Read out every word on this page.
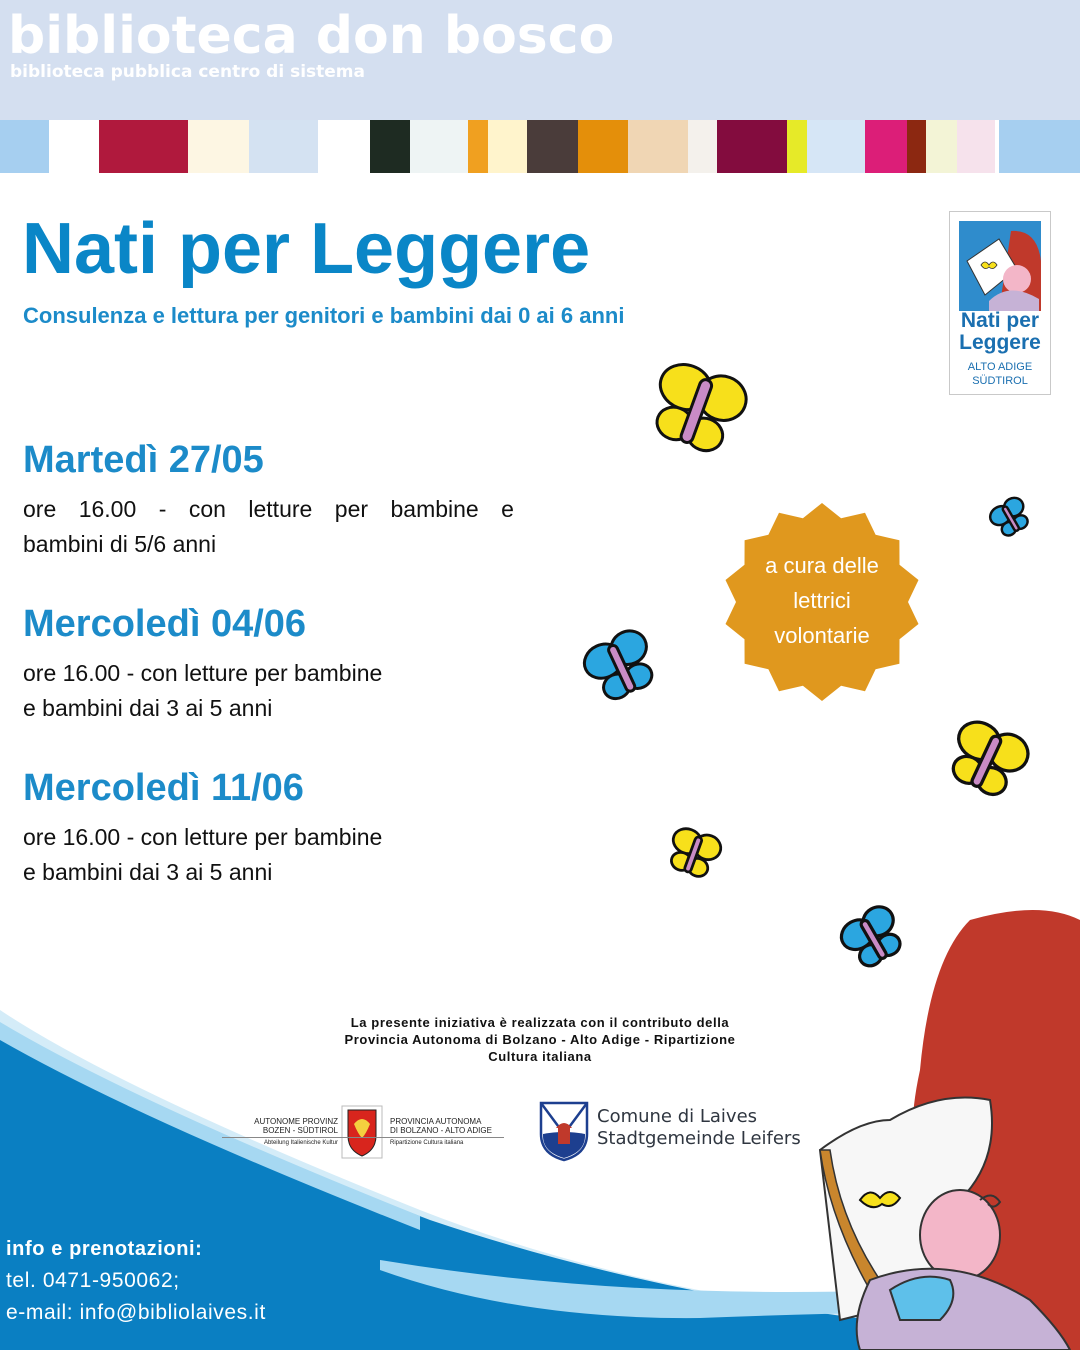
biblioteca don bosco
biblioteca pubblica centro di sistema
Nati per Leggere
Consulenza e lettura per genitori e bambini dai 0 ai 6 anni	Nati per
Leggere
ALTO ADIGE
SÜDTIROL
Martedì 27/05
ore 16.00 - con letture per bambine e
bambini di 5/6 anni
Mercoledì 04/06
ore 16.00 - con letture per bambine
e bambini dai 3 ai 5 anni
Mercoledì 11/06
ore 16.00 - con letture per bambine
e bambini dai 3 ai 5 anni
a cura delle
lettrici
volontarie
La presente iniziativa è realizzata con il contributo della
Provincia Autonoma di Bolzano - Alto Adige - Ripartizione
Cultura italiana
AUTONOME PROVINZ
BOZEN - SÜDTIROL
PROVINCIA AUTONOMA
DI BOLZANO - ALTO ADIGE
Abteilung Italienische Kultur	Ripartizione Cultura italiana
Comune di Laives
Stadtgemeinde Leifers
info e prenotazioni:
tel. 0471-950062;
e-mail: info@bibliolaives.it
